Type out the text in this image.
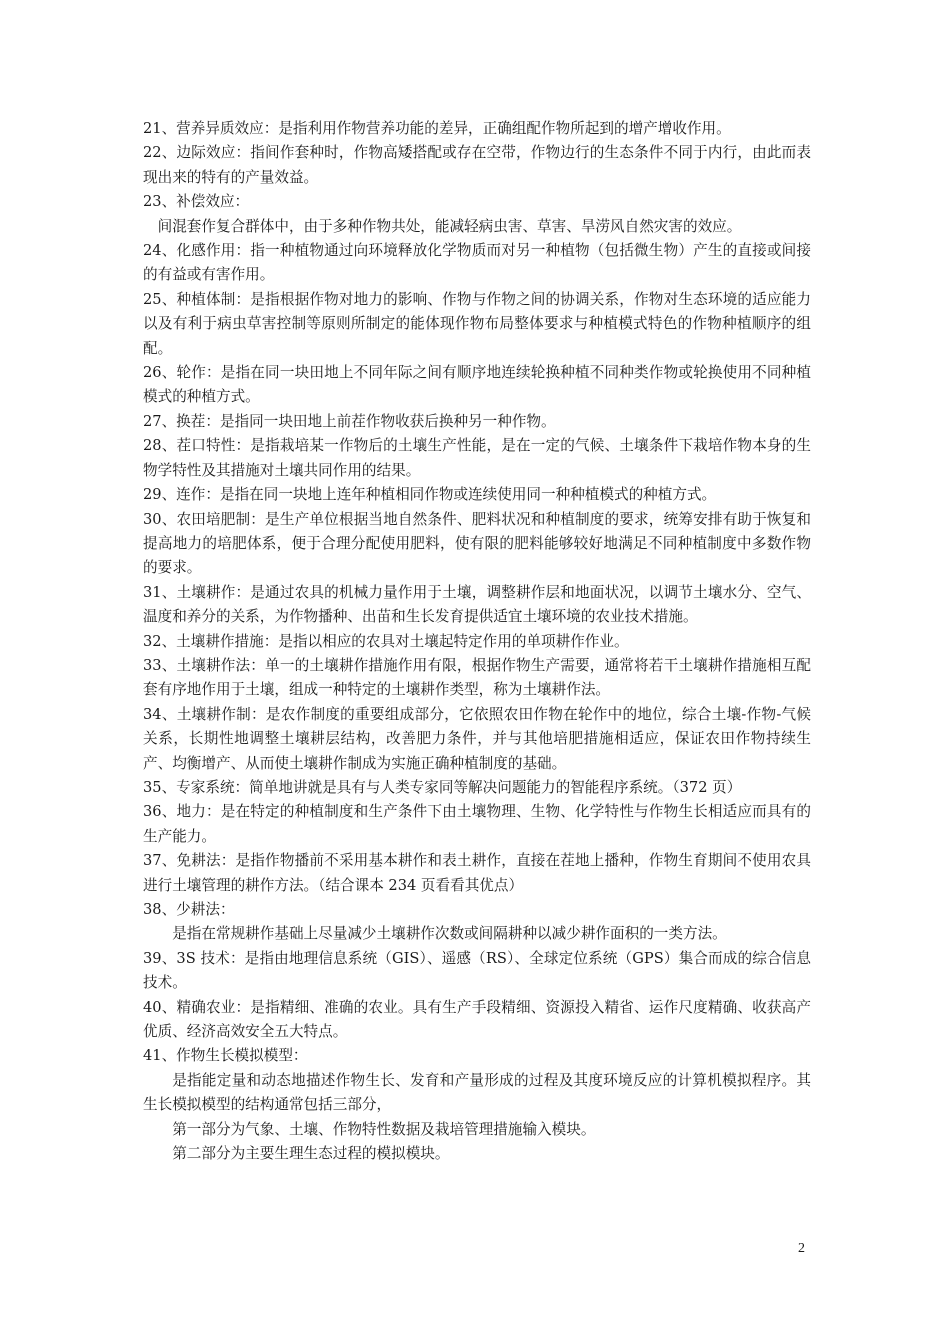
21、营养异质效应：是指利用作物营养功能的差异，正确组配作物所起到的增产增收作用。

22、边际效应：指间作套种时，作物高矮搭配或存在空带，作物边行的生态条件不同于内行，由此而表现出来的特有的产量效益。

23、补偿效应：

间混套作复合群体中，由于多种作物共处，能减轻病虫害、草害、旱涝风自然灾害的效应。

24、化感作用：指一种植物通过向环境释放化学物质而对另一种植物（包括微生物）产生的直接或间接的有益或有害作用。

25、种植体制：是指根据作物对地力的影响、作物与作物之间的协调关系，作物对生态环境的适应能力以及有利于病虫草害控制等原则所制定的能体现作物布局整体要求与种植模式特色的作物种植顺序的组配。

26、轮作：是指在同一块田地上不同年际之间有顺序地连续轮换种植不同种类作物或轮换使用不同种植模式的种植方式。

27、换茬：是指同一块田地上前茬作物收获后换种另一种作物。

28、茬口特性：是指栽培某一作物后的土壤生产性能，是在一定的气候、土壤条件下栽培作物本身的生物学特性及其措施对土壤共同作用的结果。

29、连作：是指在同一块地上连年种植相同作物或连续使用同一种种植模式的种植方式。

30、农田培肥制：是生产单位根据当地自然条件、肥料状况和种植制度的要求，统筹安排有助于恢复和提高地力的培肥体系，便于合理分配使用肥料，使有限的肥料能够较好地满足不同种植制度中多数作物的要求。

31、土壤耕作：是通过农具的机械力量作用于土壤，调整耕作层和地面状况，以调节土壤水分、空气、温度和养分的关系，为作物播种、出苗和生长发育提供适宜土壤环境的农业技术措施。

32、土壤耕作措施：是指以相应的农具对土壤起特定作用的单项耕作作业。

33、土壤耕作法：单一的土壤耕作措施作用有限，根据作物生产需要，通常将若干土壤耕作措施相互配套有序地作用于土壤，组成一种特定的土壤耕作类型，称为土壤耕作法。

34、土壤耕作制：是农作制度的重要组成部分，它依照农田作物在轮作中的地位，综合土壤-作物-气候关系，长期性地调整土壤耕层结构，改善肥力条件，并与其他培肥措施相适应，保证农田作物持续生产、均衡增产、从而使土壤耕作制成为实施正确种植制度的基础。

35、专家系统：简单地讲就是具有与人类专家同等解决问题能力的智能程序系统。（372 页）

36、地力：是在特定的种植制度和生产条件下由土壤物理、生物、化学特性与作物生长相适应而具有的生产能力。

37、免耕法：是指作物播前不采用基本耕作和表土耕作，直接在茬地上播种，作物生育期间不使用农具进行土壤管理的耕作方法。（结合课本 234 页看看其优点）

38、少耕法：

是指在常规耕作基础上尽量减少土壤耕作次数或间隔耕种以减少耕作面积的一类方法。

39、3S 技术：是指由地理信息系统（GIS）、遥感（RS）、全球定位系统（GPS）集合而成的综合信息技术。

40、精确农业：是指精细、准确的农业。具有生产手段精细、资源投入精省、运作尺度精确、收获高产优质、经济高效安全五大特点。

41、作物生长模拟模型：

是指能定量和动态地描述作物生长、发育和产量形成的过程及其度环境反应的计算机模拟程序。其生长模拟模型的结构通常包括三部分，

第一部分为气象、土壤、作物特性数据及栽培管理措施输入模块。

第二部分为主要生理生态过程的模拟模块。

2
